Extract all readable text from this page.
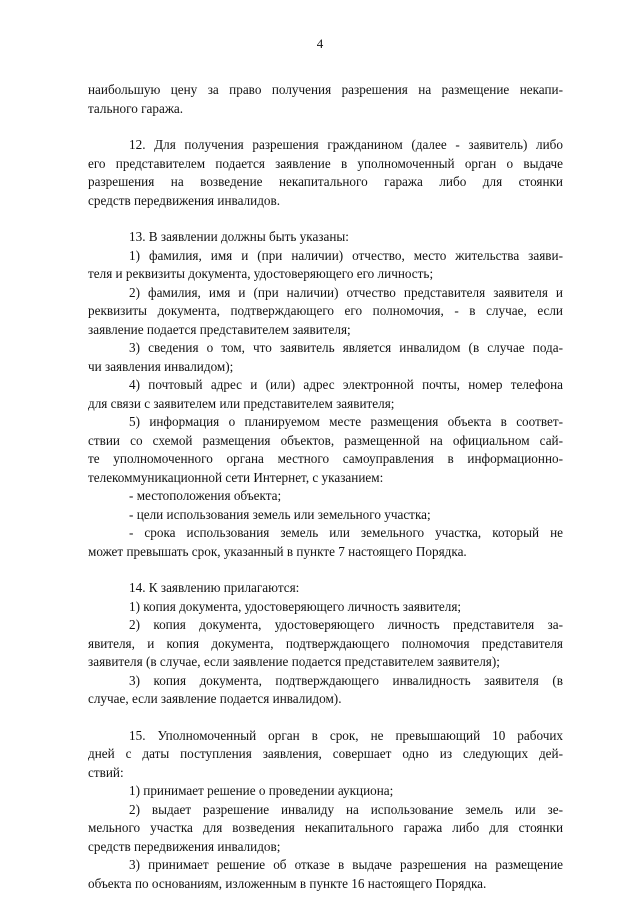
4
наибольшую цену за право получения разрешения на размещение некапи-
тального гаража.
12. Для получения разрешения гражданином (далее - заявитель) либо
его представителем подается заявление в уполномоченный орган о выдаче
разрешения на возведение некапитального гаража либо для стоянки
средств передвижения инвалидов.
13. В заявлении должны быть указаны:
1) фамилия, имя и (при наличии) отчество, место жительства заяви-
теля и реквизиты документа, удостоверяющего его личность;
2) фамилия, имя и (при наличии) отчество представителя заявителя и
реквизиты документа, подтверждающего его полномочия, - в случае, если
заявление подается представителем заявителя;
3) сведения о том, что заявитель является инвалидом (в случае пода-
чи заявления инвалидом);
4) почтовый адрес и (или) адрес электронной почты, номер телефона
для связи с заявителем или представителем заявителя;
5) информация о планируемом месте размещения объекта в соответ-
ствии со схемой размещения объектов, размещенной на официальном сай-
те уполномоченного органа местного самоуправления в информационно-
телекоммуникационной сети Интернет, с указанием:
- местоположения объекта;
- цели использования земель или земельного участка;
- срока использования земель или земельного участка, который не
может превышать срок, указанный в пункте 7 настоящего Порядка.
14. К заявлению прилагаются:
1) копия документа, удостоверяющего личность заявителя;
2) копия документа, удостоверяющего личность представителя за-
явителя, и копия документа, подтверждающего полномочия представителя
заявителя (в случае, если заявление подается представителем заявителя);
3) копия документа, подтверждающего инвалидность заявителя (в
случае, если заявление подается инвалидом).
15. Уполномоченный орган в срок, не превышающий 10 рабочих
дней с даты поступления заявления, совершает одно из следующих дей-
ствий:
1) принимает решение о проведении аукциона;
2) выдает разрешение инвалиду на использование земель или зе-
мельного участка для возведения некапитального гаража либо для стоянки
средств передвижения инвалидов;
3) принимает решение об отказе в выдаче разрешения на размещение
объекта по основаниям, изложенным в пункте 16 настоящего Порядка.
